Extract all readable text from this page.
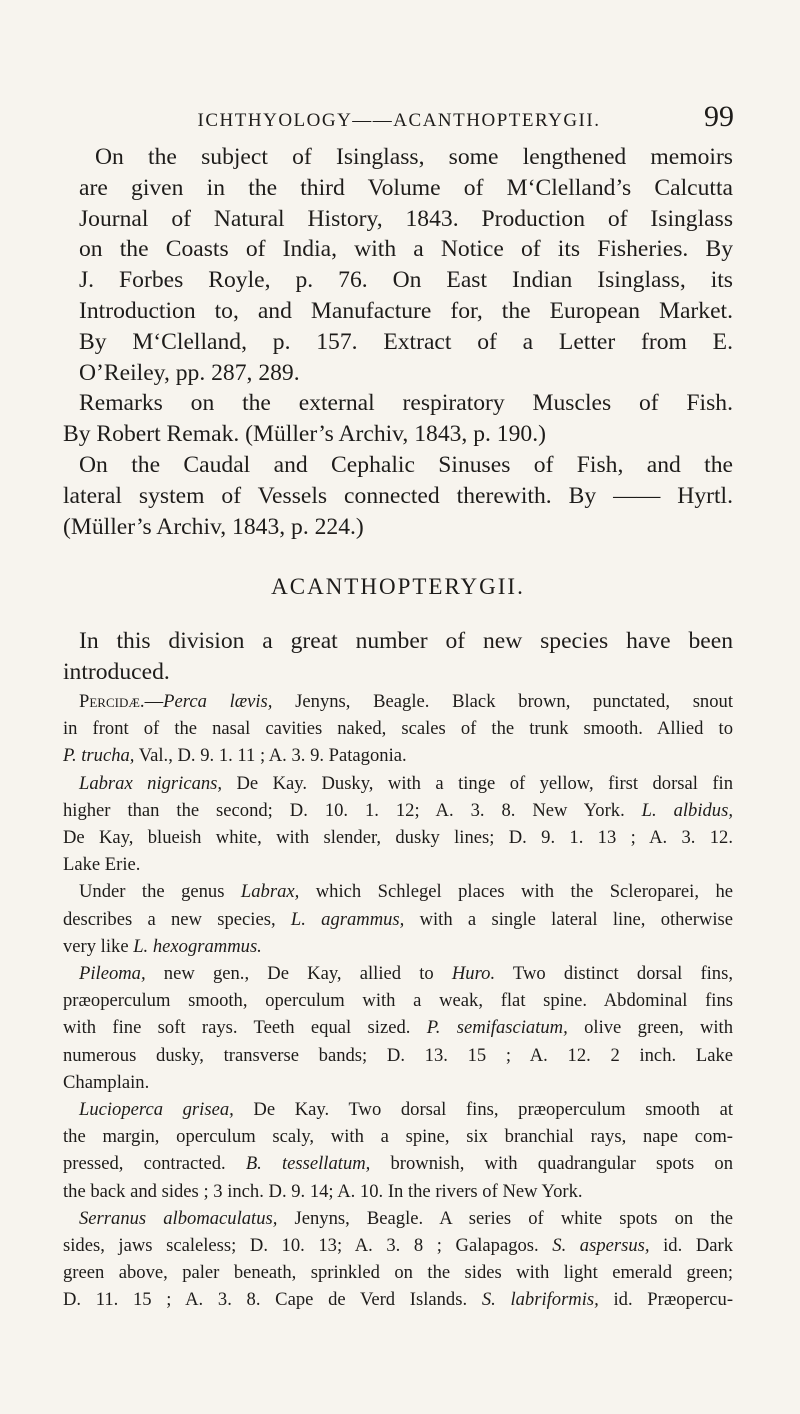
ICHTHYOLOGY——ACANTHOPTERYGII.	99
On the subject of Isinglass, some lengthened memoirs
are given in the third Volume of M‘Clelland’s Calcutta
Journal of Natural History, 1843. Production of Isinglass
on the Coasts of India, with a Notice of its Fisheries. By
J. Forbes Royle, p. 76. On East Indian Isinglass, its
Introduction to, and Manufacture for, the European Market.
By M‘Clelland, p. 157. Extract of a Letter from E.
O’Reiley, pp. 287, 289.
Remarks on the external respiratory Muscles of Fish.
By Robert Remak. (Müller’s Archiv, 1843, p. 190.)
On the Caudal and Cephalic Sinuses of Fish, and the
lateral system of Vessels connected therewith. By —— Hyrtl.
(Müller’s Archiv, 1843, p. 224.)
ACANTHOPTERYGII.
In this division a great number of new species have been
introduced.
Percidæ.—Perca lævis, Jenyns, Beagle. Black brown, punctated, snout
in front of the nasal cavities naked, scales of the trunk smooth. Allied to
P. trucha, Val., D. 9. 1. 11 ; A. 3. 9. Patagonia.
Labrax nigricans, De Kay. Dusky, with a tinge of yellow, first dorsal fin
higher than the second; D. 10. 1. 12; A. 3. 8. New York. L. albidus,
De Kay, blueish white, with slender, dusky lines; D. 9. 1. 13 ; A. 3. 12.
Lake Erie.
Under the genus Labrax, which Schlegel places with the Scleroparei, he
describes a new species, L. agrammus, with a single lateral line, otherwise
very like L. hexogrammus.
Pileoma, new gen., De Kay, allied to Huro. Two distinct dorsal fins,
præoperculum smooth, operculum with a weak, flat spine. Abdominal fins
with fine soft rays. Teeth equal sized. P. semifasciatum, olive green, with
numerous dusky, transverse bands; D. 13. 15 ; A. 12. 2 inch. Lake
Champlain.
Lucioperca grisea, De Kay. Two dorsal fins, præoperculum smooth at
the margin, operculum scaly, with a spine, six branchial rays, nape com-
pressed, contracted. B. tessellatum, brownish, with quadrangular spots on
the back and sides ; 3 inch. D. 9. 14; A. 10. In the rivers of New York.
Serranus albomaculatus, Jenyns, Beagle. A series of white spots on the
sides, jaws scaleless; D. 10. 13; A. 3. 8 ; Galapagos. S. aspersus, id. Dark
green above, paler beneath, sprinkled on the sides with light emerald green;
D. 11. 15 ; A. 3. 8. Cape de Verd Islands. S. labriformis, id. Præopercu-
